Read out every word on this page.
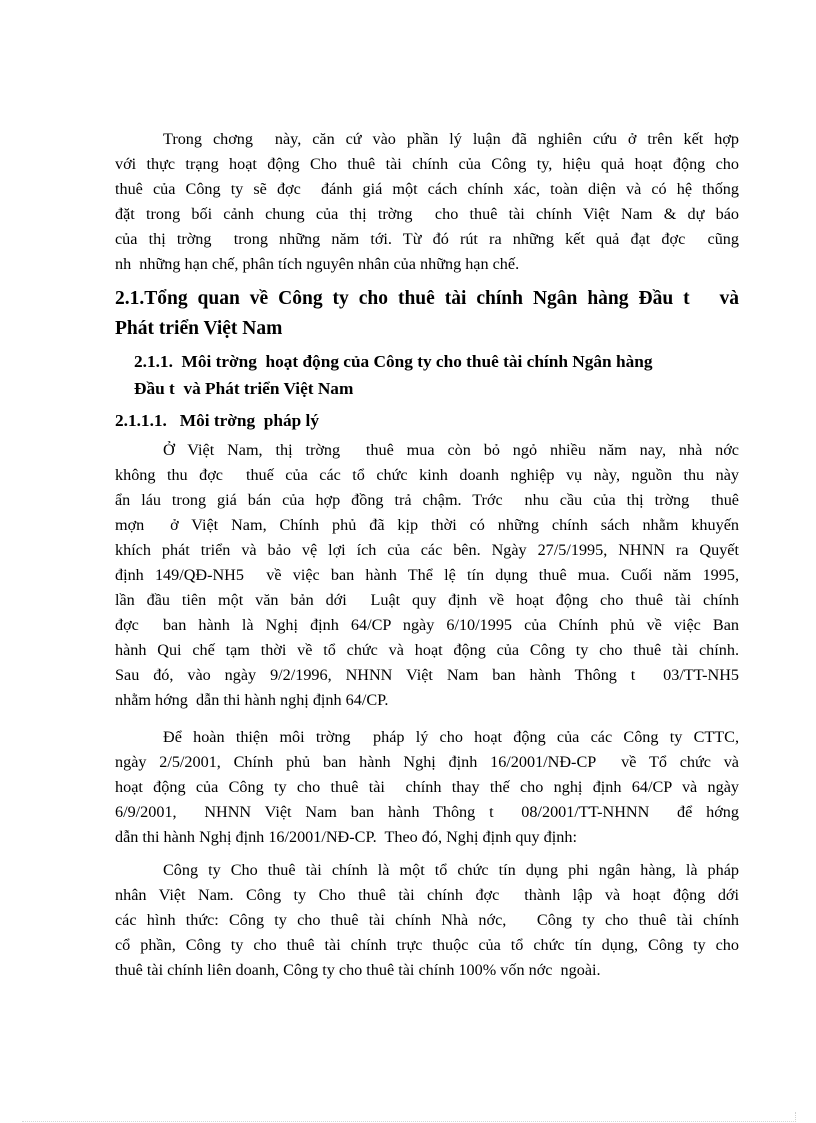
Trong chơng  này, căn cứ vào phần lý luận đã nghiên cứu ở trên kết hợp
với thực trạng hoạt động Cho thuê tài chính của Công ty, hiệu quả hoạt động cho
thuê của Công ty sẽ đợc  đánh giá một cách chính xác, toàn diện và có hệ thống
đặt trong bối cảnh chung của thị trờng  cho thuê tài chính Việt Nam & dự báo
của thị trờng  trong những năm tới. Từ đó rút ra những kết quả đạt đợc  cũng
nh  những hạn chế, phân tích nguyên nhân của những hạn chế.
2.1.Tổng quan về Công ty cho thuê tài chính Ngân hàng Đầu t   và
Phát triển Việt Nam
2.1.1.  Môi trờng  hoạt động của Công ty cho thuê tài chính Ngân hàng
Đầu t  và Phát triển Việt Nam
2.1.1.1.   Môi trờng  pháp lý
Ở Việt Nam, thị trờng  thuê mua còn bỏ ngỏ nhiều năm nay, nhà nớc
không thu đợc  thuế của các tổ chức kinh doanh nghiệp vụ này, nguồn thu này
ẩn láu trong giá bán của hợp đồng trả chậm. Trớc  nhu cầu của thị trờng  thuê
mợn  ở Việt Nam, Chính phủ đã kịp thời có những chính sách nhằm khuyến
khích phát triển và bảo vệ lợi ích của các bên. Ngày 27/5/1995, NHNN ra Quyết
định 149/QĐ-NH5  về việc ban hành Thể lệ tín dụng thuê mua. Cuối năm 1995,
lần đầu tiên một văn bản dới  Luật quy định về hoạt động cho thuê tài chính
đợc  ban hành là Nghị định 64/CP ngày 6/10/1995 của Chính phủ về việc Ban
hành Qui chế tạm thời về tổ chức và hoạt động của Công ty cho thuê tài chính.
Sau đó, vào ngày 9/2/1996, NHNN Việt Nam ban hành Thông t  03/TT-NH5
nhằm hớng  dẫn thi hành nghị định 64/CP.
Để hoàn thiện môi trờng  pháp lý cho hoạt động của các Công ty CTTC,
ngày 2/5/2001, Chính phủ ban hành Nghị định 16/2001/NĐ-CP  về Tổ chức và
hoạt động của Công ty cho thuê tài  chính thay thế cho nghị định 64/CP và ngày
6/9/2001,  NHNN Việt Nam ban hành Thông t  08/2001/TT-NHNN  để hớng
dẫn thi hành Nghị định 16/2001/NĐ-CP.  Theo đó, Nghị định quy định:
Công ty Cho thuê tài chính là một tổ chức tín dụng phi ngân hàng, là pháp
nhân Việt Nam. Công ty Cho thuê tài chính đợc  thành lập và hoạt động dới
các hình thức: Công ty cho thuê tài chính Nhà nớc,   Công ty cho thuê tài chính
cổ phần, Công ty cho thuê tài chính trực thuộc của tổ chức tín dụng, Công ty cho
thuê tài chính liên doanh, Công ty cho thuê tài chính 100% vốn nớc  ngoài.
